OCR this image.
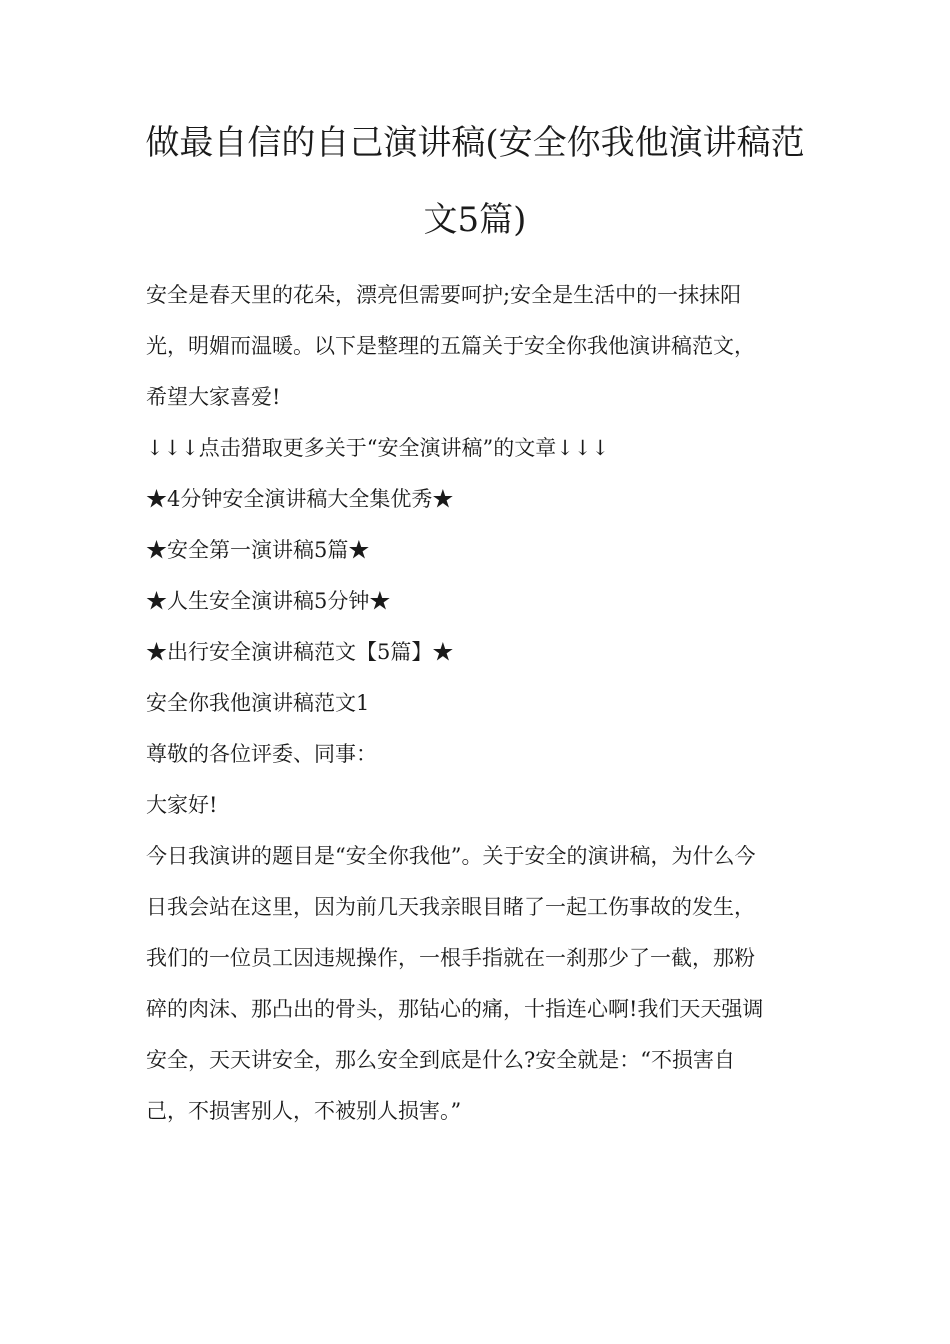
做最自信的自己演讲稿(安全你我他演讲稿范
文5篇)
安全是春天里的花朵，漂亮但需要呵护;安全是生活中的一抹抹阳
光，明媚而温暖。以下是整理的五篇关于安全你我他演讲稿范文，
希望大家喜爱!
↓↓↓点击猎取更多关于“安全演讲稿”的文章↓↓↓
★4分钟安全演讲稿大全集优秀★
★安全第一演讲稿5篇★
★人生安全演讲稿5分钟★
★出行安全演讲稿范文【5篇】★
安全你我他演讲稿范文1
尊敬的各位评委、同事：
大家好!
今日我演讲的题目是“安全你我他”。关于安全的演讲稿，为什么今
日我会站在这里，因为前几天我亲眼目睹了一起工伤事故的发生，
我们的一位员工因违规操作，一根手指就在一刹那少了一截，那粉
碎的肉沫、那凸出的骨头，那钻心的痛，十指连心啊!我们天天强调
安全，天天讲安全，那么安全到底是什么?安全就是：“不损害自
己，不损害别人，不被别人损害。”
